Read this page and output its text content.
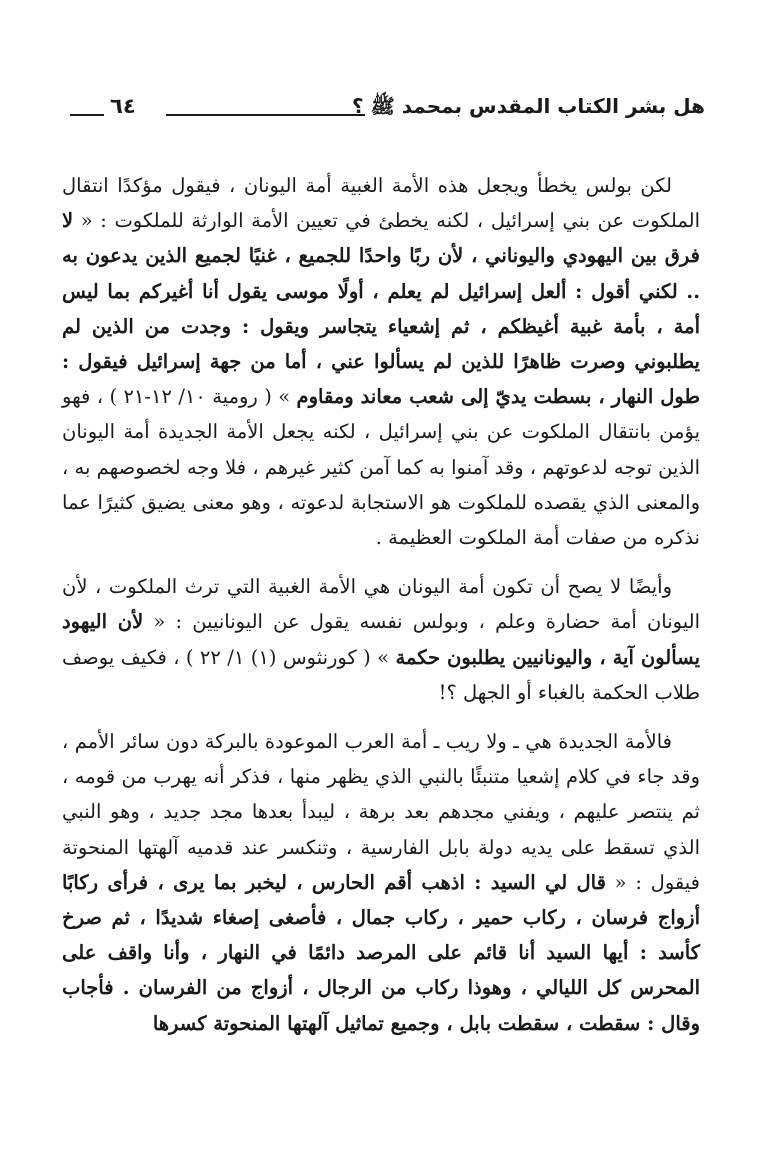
هل بشر الكتاب المقدس بمحمد ﷺ ؟
٦٤

لكن بولس يخطأ ويجعل هذه الأمة الغبية أمة اليونان ، فيقول مؤكدًا انتقال الملكوت عن بني إسرائيل ، لكنه يخطئ في تعيين الأمة الوارثة للملكوت : « لا فرق بين اليهودي واليوناني ، لأن ربًا واحدًا للجميع ، غنيًا لجميع الذين يدعون به .. لكني أقول : ألعل إسرائيل لم يعلم ، أولًا موسى يقول أنا أغيركم بما ليس أمة ، بأمة غبية أغيظكم ، ثم إشعياء يتجاسر ويقول : وجدت من الذين لم يطلبوني وصرت ظاهرًا للذين لم يسألوا عني ، أما من جهة إسرائيل فيقول : طول النهار ، بسطت يديّ إلى شعب معاند ومقاوم » ( رومية ١٠/ ١٢-٢١ ) ، فهو يؤمن بانتقال الملكوت عن بني إسرائيل ، لكنه يجعل الأمة الجديدة أمة اليونان الذين توجه لدعوتهم ، وقد آمنوا به كما آمن كثير غيرهم ، فلا وجه لخصوصهم به ، والمعنى الذي يقصده للملكوت هو الاستجابة لدعوته ، وهو معنى يضيق كثيرًا عما نذكره من صفات أمة الملكوت العظيمة .

وأيضًا لا يصح أن تكون أمة اليونان هي الأمة الغبية التي ترث الملكوت ، لأن اليونان أمة حضارة وعلم ، وبولس نفسه يقول عن اليونانيين : « لأن اليهود يسألون آية ، واليونانيين يطلبون حكمة » ( كورنثوس (١) ١/ ٢٢ ) ، فكيف يوصف طلاب الحكمة بالغباء أو الجهل ؟!

فالأمة الجديدة هي ـ ولا ريب ـ أمة العرب الموعودة بالبركة دون سائر الأمم ، وقد جاء في كلام إشعيا متنبئًا بالنبي الذي يظهر منها ، فذكر أنه يهرب من قومه ، ثم ينتصر عليهم ، ويفني مجدهم بعد برهة ، ليبدأ بعدها مجد جديد ، وهو النبي الذي تسقط على يديه دولة بابل الفارسية ، وتنكسر عند قدميه آلهتها المنحوتة فيقول : « قال لي السيد : اذهب أقم الحارس ، ليخبر بما يرى ، فرأى ركابًا أزواج فرسان ، ركاب حمير ، ركاب جمال ، فأصغى إصغاء شديدًا ، ثم صرخ كأسد : أيها السيد أنا قائم على المرصد دائمًا في النهار ، وأنا واقف على المحرس كل الليالي ، وهوذا ركاب من الرجال ، أزواج من الفرسان . فأجاب وقال : سقطت ، سقطت بابل ، وجميع تماثيل آلهتها المنحوتة كسرها
